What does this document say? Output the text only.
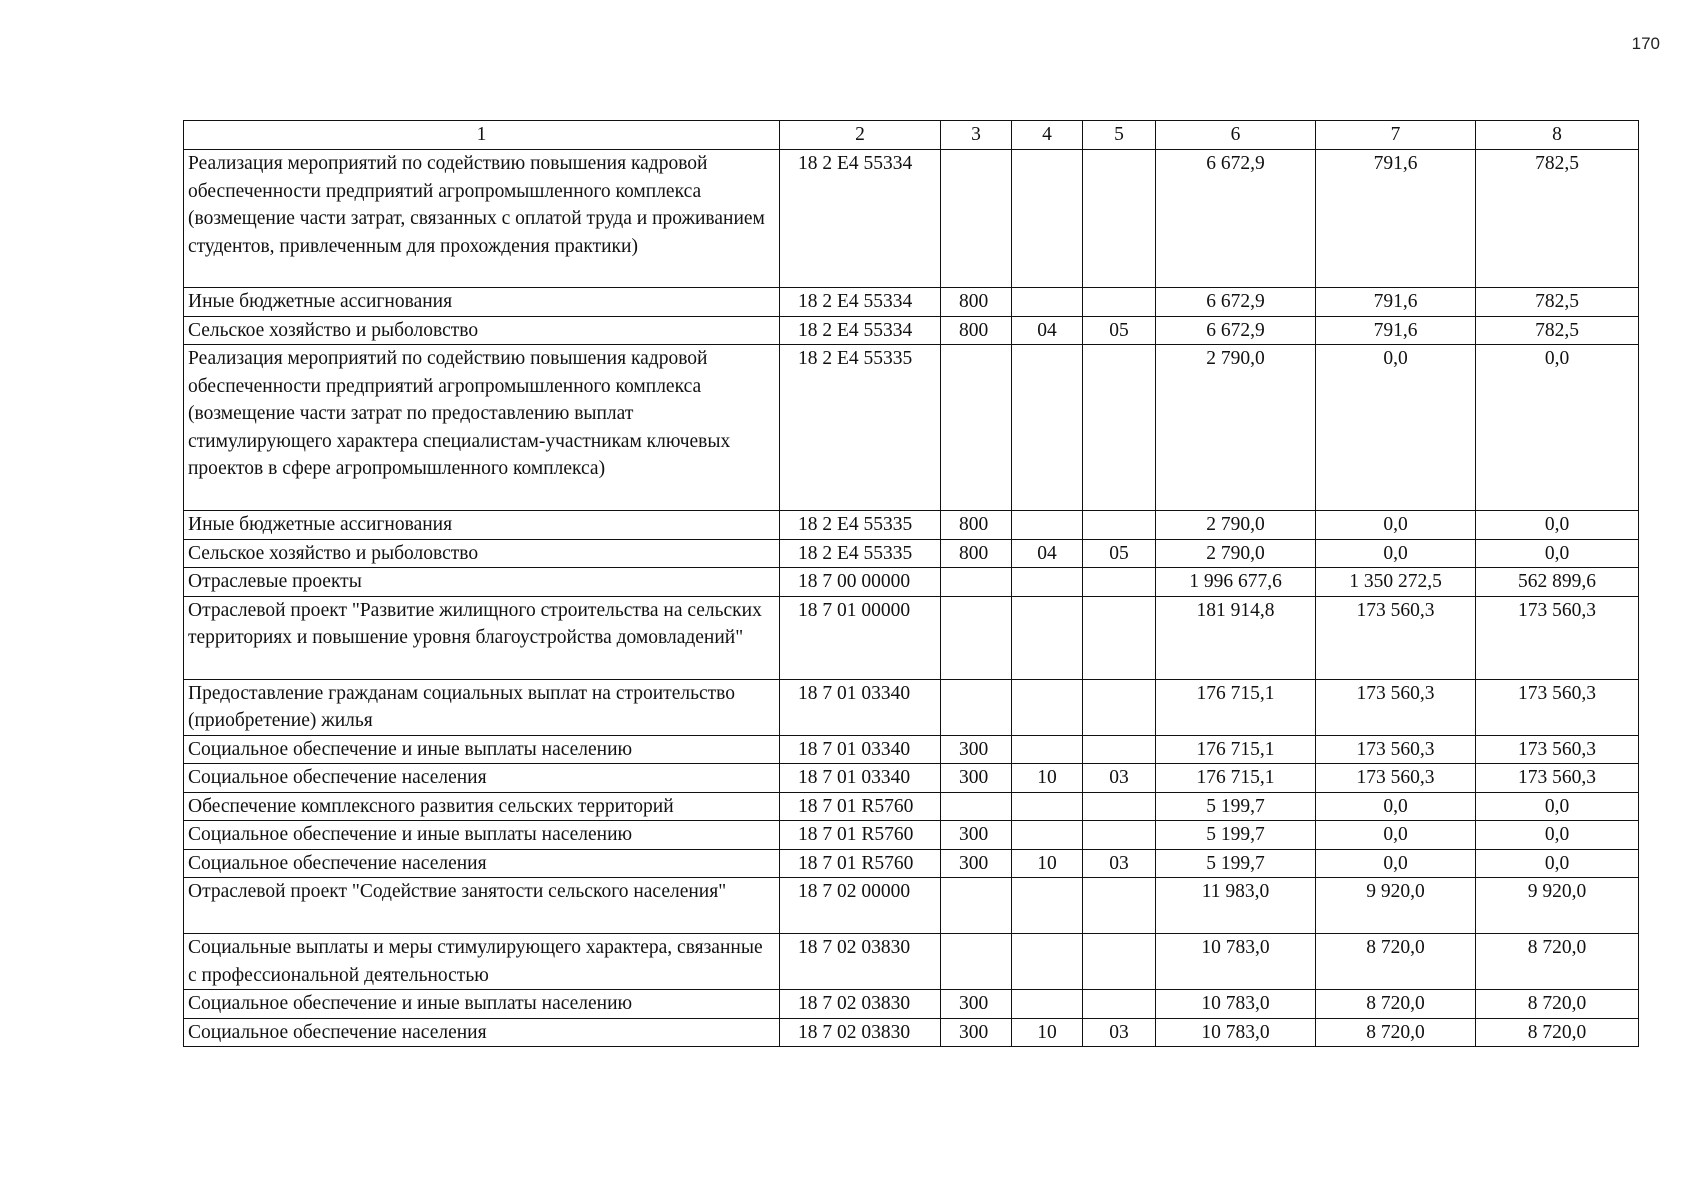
170
1	2	3	4	5	6	7	8
Реализация мероприятий по содействию повышения кадровой обеспеченности предприятий агропромышленного комплекса (возмещение части затрат, связанных с оплатой труда и проживанием студентов, привлеченным для прохождения практики)	18 2 E4 55334				6 672,9	791,6	782,5
Иные бюджетные ассигнования	18 2 E4 55334	800			6 672,9	791,6	782,5
Сельское хозяйство и рыболовство	18 2 E4 55334	800	04	05	6 672,9	791,6	782,5
Реализация мероприятий по содействию повышения кадровой обеспеченности предприятий агропромышленного комплекса (возмещение части затрат по предоставлению выплат стимулирующего характера специалистам-участникам ключевых проектов в сфере агропромышленного комплекса)	18 2 E4 55335				2 790,0	0,0	0,0
Иные бюджетные ассигнования	18 2 E4 55335	800			2 790,0	0,0	0,0
Сельское хозяйство и рыболовство	18 2 E4 55335	800	04	05	2 790,0	0,0	0,0
Отраслевые проекты	18 7 00 00000				1 996 677,6	1 350 272,5	562 899,6
Отраслевой проект "Развитие жилищного строительства на сельских территориях и повышение уровня благоустройства домовладений"	18 7 01 00000				181 914,8	173 560,3	173 560,3
Предоставление гражданам социальных выплат на строительство (приобретение) жилья	18 7 01 03340				176 715,1	173 560,3	173 560,3
Социальное обеспечение и иные выплаты населению	18 7 01 03340	300			176 715,1	173 560,3	173 560,3
Социальное обеспечение населения	18 7 01 03340	300	10	03	176 715,1	173 560,3	173 560,3
Обеспечение комплексного развития сельских территорий	18 7 01 R5760				5 199,7	0,0	0,0
Социальное обеспечение и иные выплаты населению	18 7 01 R5760	300			5 199,7	0,0	0,0
Социальное обеспечение населения	18 7 01 R5760	300	10	03	5 199,7	0,0	0,0
Отраслевой проект "Содействие занятости сельского населения"	18 7 02 00000				11 983,0	9 920,0	9 920,0
Социальные выплаты и меры стимулирующего характера, связанные с профессиональной деятельностью	18 7 02 03830				10 783,0	8 720,0	8 720,0
Социальное обеспечение и иные выплаты населению	18 7 02 03830	300			10 783,0	8 720,0	8 720,0
Социальное обеспечение населения	18 7 02 03830	300	10	03	10 783,0	8 720,0	8 720,0
